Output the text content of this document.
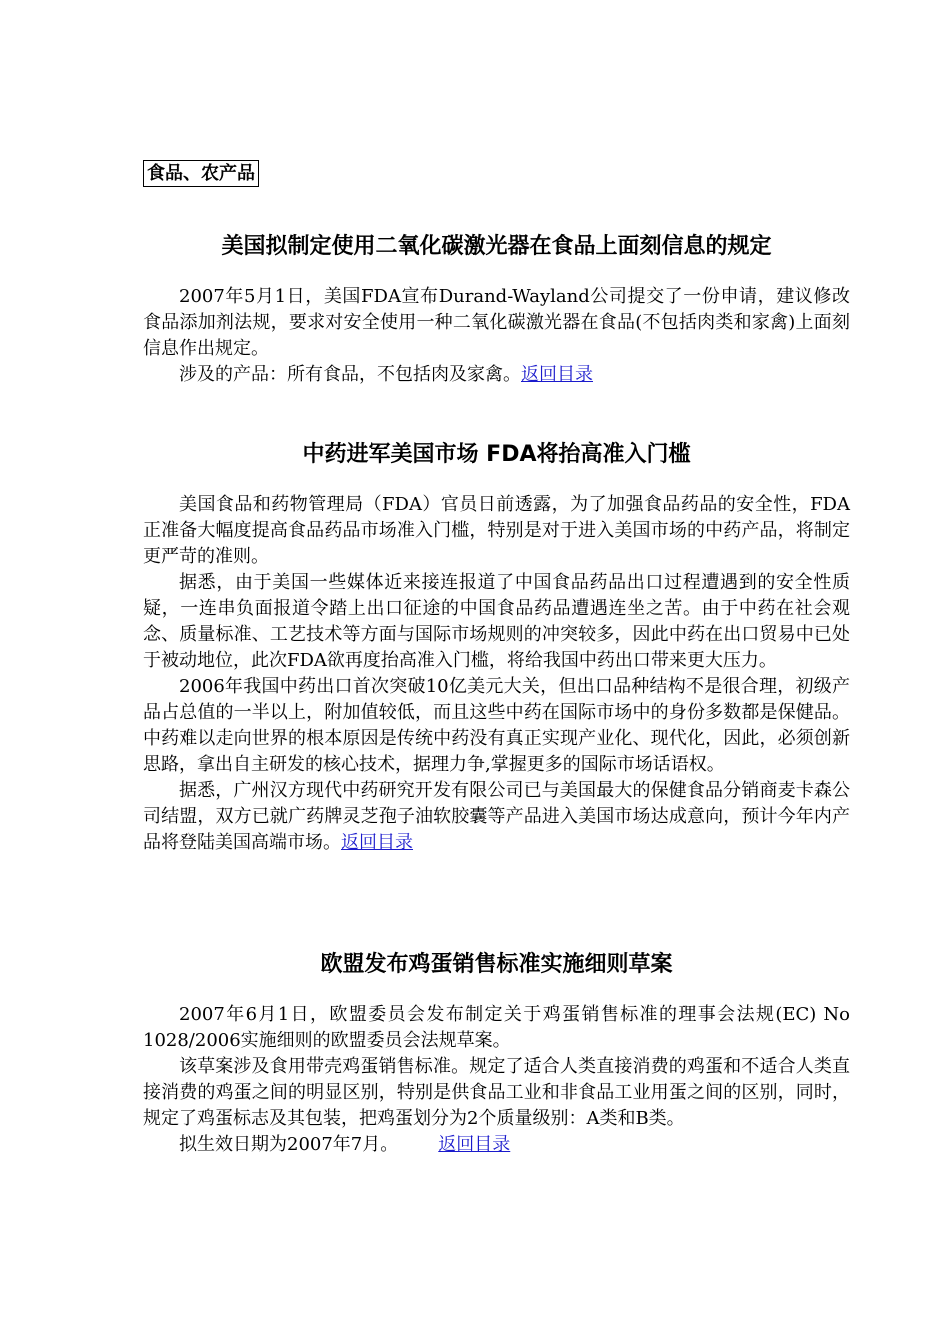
食品、农产品
美国拟制定使用二氧化碳激光器在食品上面刻信息的规定

2007年5月1日，美国FDA宣布Durand-Wayland公司提交了一份申请，建议修改食品添加剂法规，要求对安全使用一种二氧化碳激光器在食品(不包括肉类和家禽)上面刻信息作出规定。

涉及的产品：所有食品，不包括肉及家禽。返回目录

中药进军美国市场 FDA将抬高准入门槛

美国食品和药物管理局（FDA）官员日前透露，为了加强食品药品的安全性，FDA正准备大幅度提高食品药品市场准入门槛，特别是对于进入美国市场的中药产品，将制定更严苛的准则。

据悉，由于美国一些媒体近来接连报道了中国食品药品出口过程遭遇到的安全性质疑，一连串负面报道令踏上出口征途的中国食品药品遭遇连坐之苦。由于中药在社会观念、质量标准、工艺技术等方面与国际市场规则的冲突较多，因此中药在出口贸易中已处于被动地位，此次FDA欲再度抬高准入门槛，将给我国中药出口带来更大压力。

2006年我国中药出口首次突破10亿美元大关，但出口品种结构不是很合理，初级产品占总值的一半以上，附加值较低，而且这些中药在国际市场中的身份多数都是保健品。中药难以走向世界的根本原因是传统中药没有真正实现产业化、现代化，因此，必须创新思路，拿出自主研发的核心技术，据理力争,掌握更多的国际市场话语权。

据悉，广州汉方现代中药研究开发有限公司已与美国最大的保健食品分销商麦卡森公司结盟，双方已就广药牌灵芝孢子油软胶囊等产品进入美国市场达成意向，预计今年内产品将登陆美国高端市场。返回目录

欧盟发布鸡蛋销售标准实施细则草案

2007年6月1日，欧盟委员会发布制定关于鸡蛋销售标准的理事会法规(EC) No 1028/2006实施细则的欧盟委员会法规草案。

该草案涉及食用带壳鸡蛋销售标准。规定了适合人类直接消费的鸡蛋和不适合人类直接消费的鸡蛋之间的明显区别，特别是供食品工业和非食品工业用蛋之间的区别，同时，规定了鸡蛋标志及其包装，把鸡蛋划分为2个质量级别：A类和B类。

拟生效日期为2007年7月。 返回目录
